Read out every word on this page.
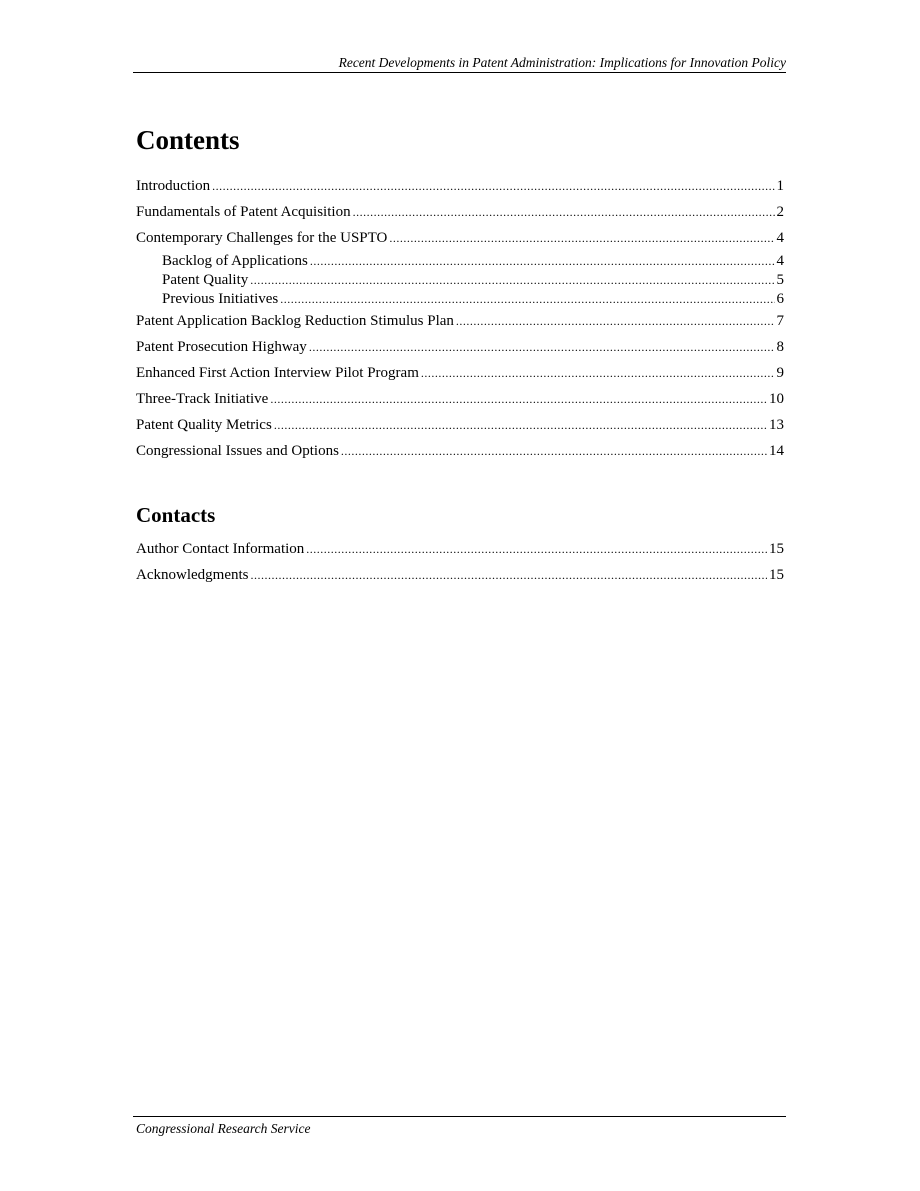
Recent Developments in Patent Administration: Implications for Innovation Policy
Contents
Introduction .....	1
Fundamentals of Patent Acquisition .....	2
Contemporary Challenges for the USPTO .....	4
Backlog of Applications .....	4
Patent Quality .....	5
Previous Initiatives .....	6
Patent Application Backlog Reduction Stimulus Plan .....	7
Patent Prosecution Highway .....	8
Enhanced First Action Interview Pilot Program .....	9
Three-Track Initiative .....	10
Patent Quality Metrics .....	13
Congressional Issues and Options .....	14
Contacts
Author Contact Information .....	15
Acknowledgments .....	15
Congressional Research Service
